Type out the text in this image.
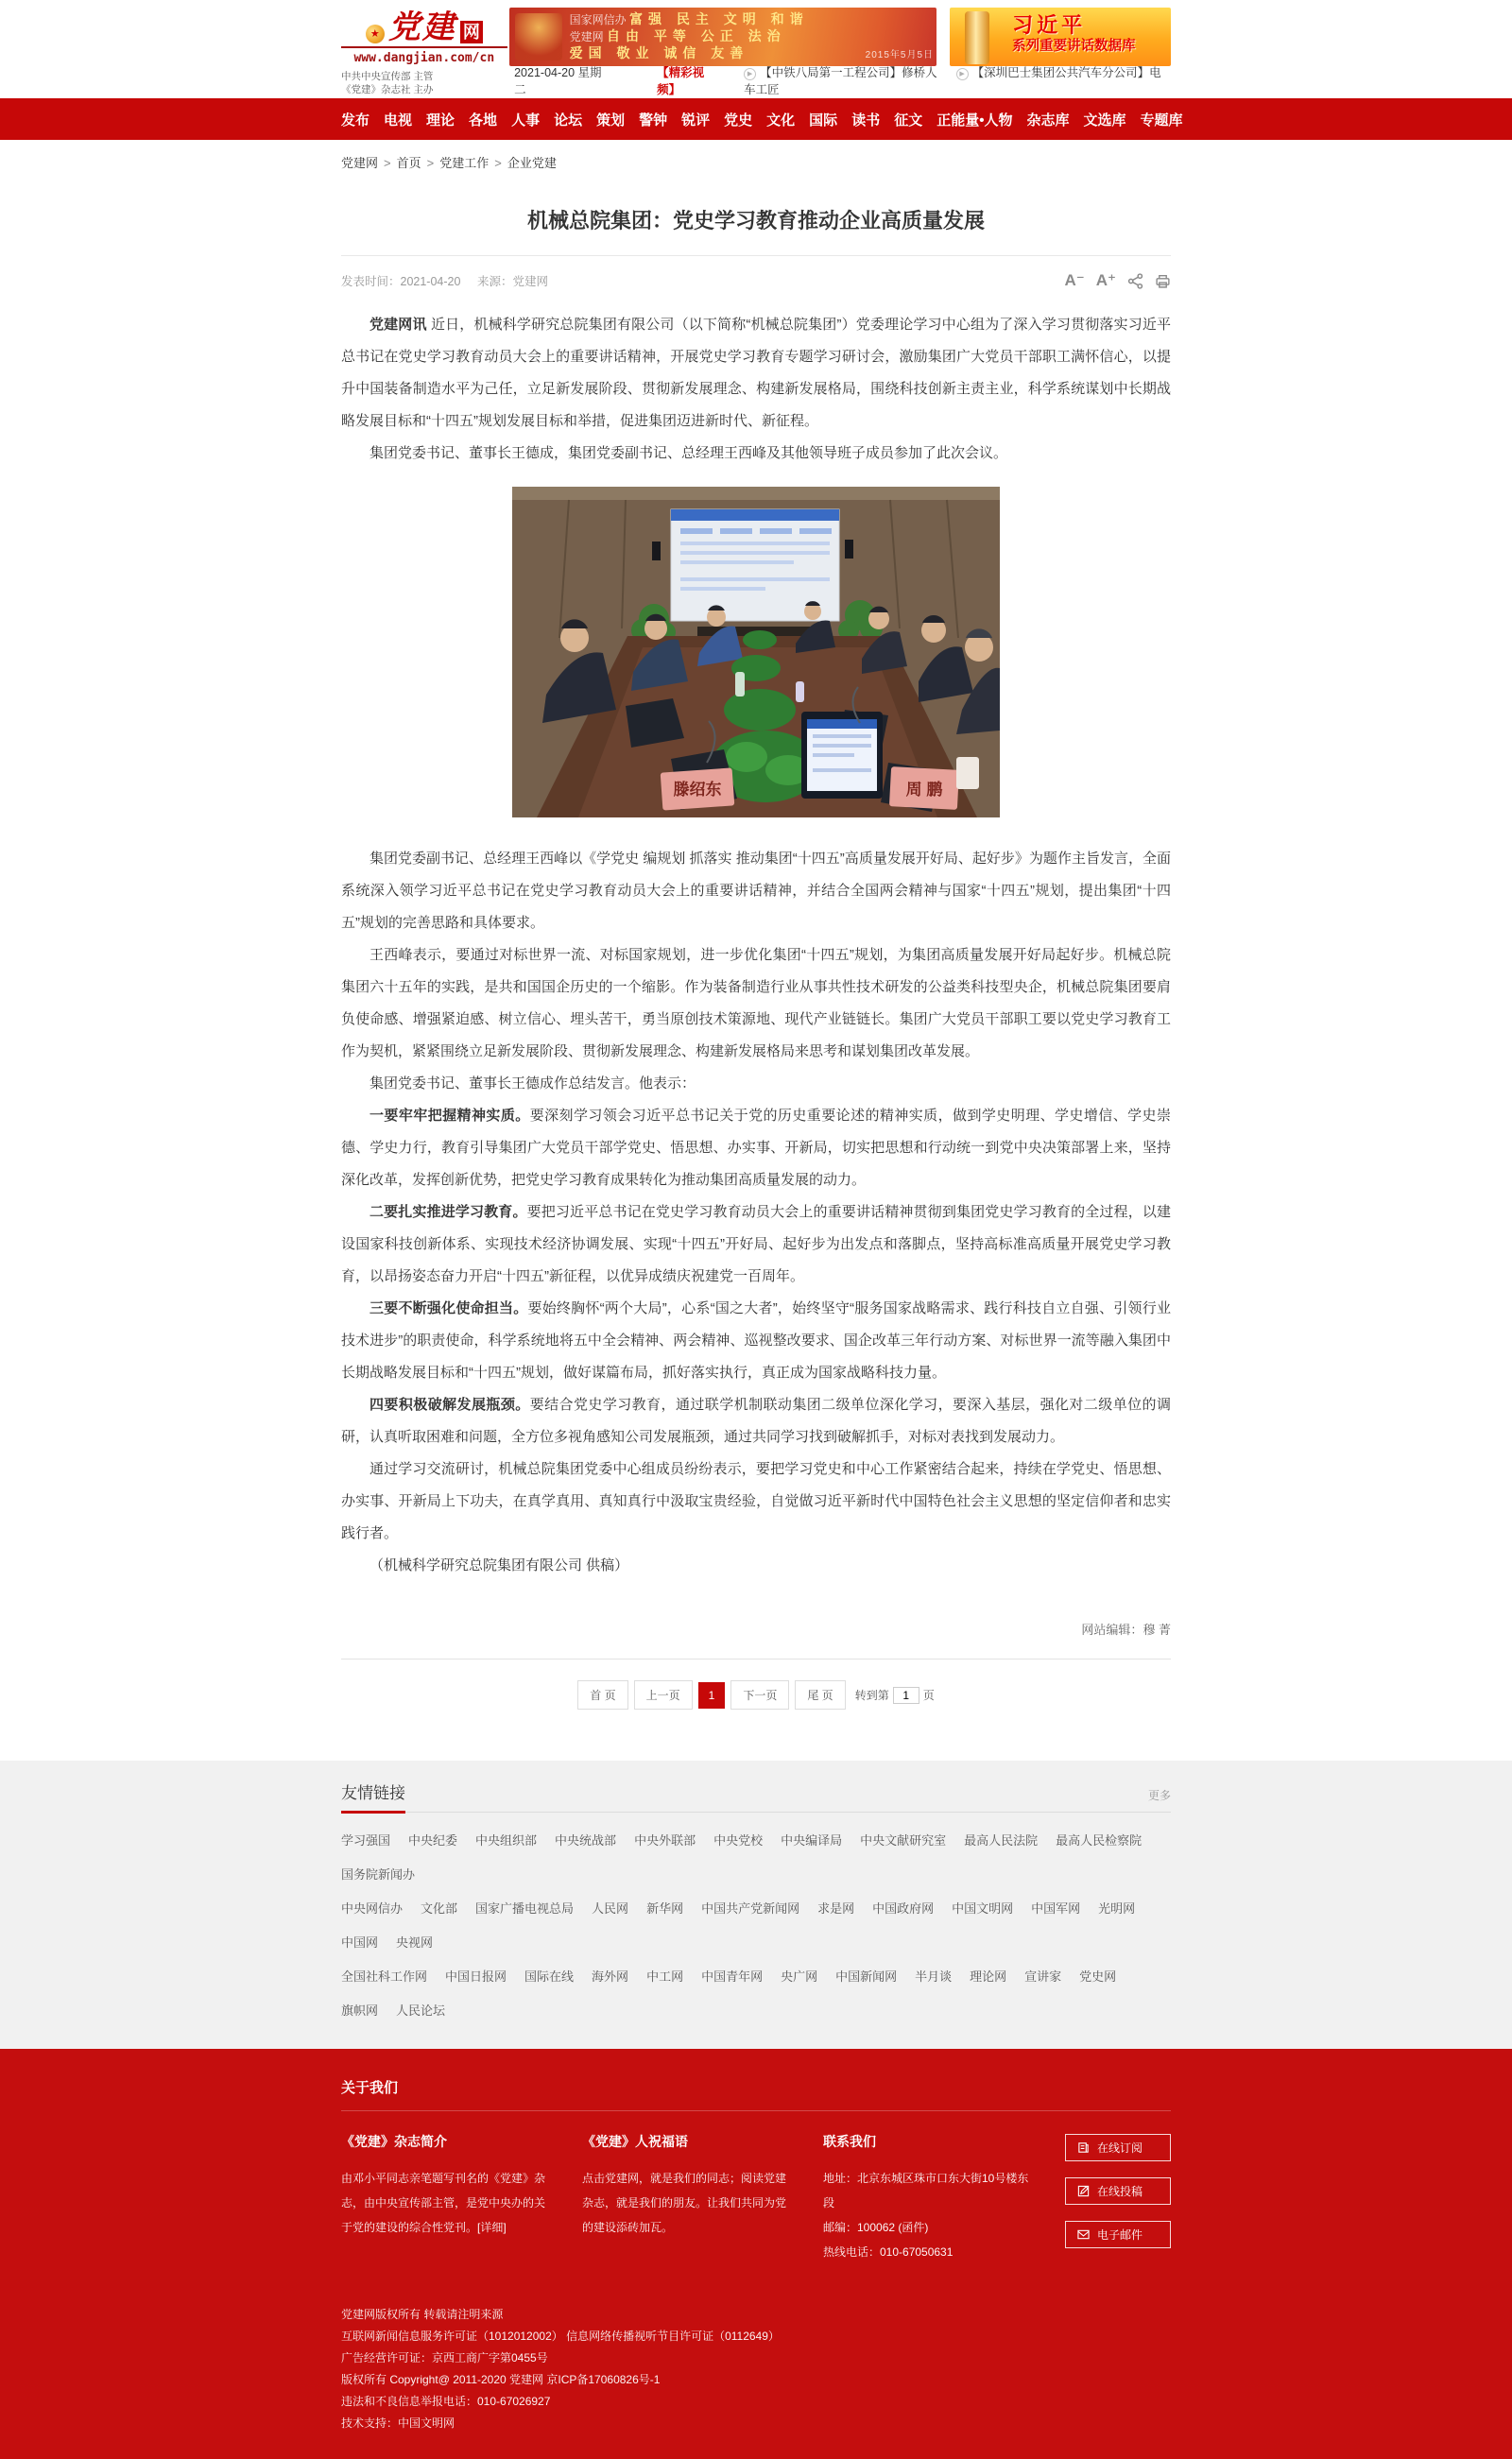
★ 党建 网
www.dangjian.com/cn
国家网信办 富强 民主 文明 和谐
党建网 自由 平等 公正 法治
爱国 敬业 诚信 友善	2015年5月5日
习近平
系列重要讲话数据库
中共中央宣传部 主管
《党建》杂志社 主办
2021-04-20 星期二
【精彩视频】
▶ 【中铁八局第一工程公司】修桥人	▶ 【深圳巴士集团公共汽车分公司】电车工匠
发布 电视 理论 各地 人事 论坛 策划 警钟 锐评 党史 文化 国际 读书 征文 正能量•人物 杂志库 文选库 专题库
党建网 > 首页 > 党建工作 > 企业党建
机械总院集团：党史学习教育推动企业高质量发展
发表时间：2021-04-20 来源：党建网	A⁻ A⁺

党建网讯 近日，机械科学研究总院集团有限公司（以下简称“机械总院集团”）党委理论学习中心组为了深入学习贯彻落实习近平总书记在党史学习教育动员大会上的重要讲话精神，开展党史学习教育专题学习研讨会，激励集团广大党员干部职工满怀信心，以提升中国装备制造水平为己任，立足新发展阶段、贯彻新发展理念、构建新发展格局，围绕科技创新主责主业，科学系统谋划中长期战略发展目标和“十四五”规划发展目标和举措，促进集团迈进新时代、新征程。

集团党委书记、董事长王德成，集团党委副书记、总经理王西峰及其他领导班子成员参加了此次会议。

滕绍东	周 鹏

集团党委副书记、总经理王西峰以《学党史 编规划 抓落实 推动集团“十四五”高质量发展开好局、起好步》为题作主旨发言，全面系统深入领学习近平总书记在党史学习教育动员大会上的重要讲话精神，并结合全国两会精神与国家“十四五”规划，提出集团“十四五”规划的完善思路和具体要求。

王西峰表示，要通过对标世界一流、对标国家规划，进一步优化集团“十四五”规划，为集团高质量发展开好局起好步。机械总院集团六十五年的实践，是共和国国企历史的一个缩影。作为装备制造行业从事共性技术研发的公益类科技型央企，机械总院集团要肩负使命感、增强紧迫感、树立信心、埋头苦干，勇当原创技术策源地、现代产业链链长。集团广大党员干部职工要以党史学习教育工作为契机，紧紧围绕立足新发展阶段、贯彻新发展理念、构建新发展格局来思考和谋划集团改革发展。

集团党委书记、董事长王德成作总结发言。他表示：

一要牢牢把握精神实质。要深刻学习领会习近平总书记关于党的历史重要论述的精神实质，做到学史明理、学史增信、学史崇德、学史力行，教育引导集团广大党员干部学党史、悟思想、办实事、开新局，切实把思想和行动统一到党中央决策部署上来，坚持深化改革，发挥创新优势，把党史学习教育成果转化为推动集团高质量发展的动力。

二要扎实推进学习教育。要把习近平总书记在党史学习教育动员大会上的重要讲话精神贯彻到集团党史学习教育的全过程，以建设国家科技创新体系、实现技术经济协调发展、实现“十四五”开好局、起好步为出发点和落脚点，坚持高标准高质量开展党史学习教育，以昂扬姿态奋力开启“十四五”新征程，以优异成绩庆祝建党一百周年。

三要不断强化使命担当。要始终胸怀“两个大局”，心系“国之大者”，始终坚守“服务国家战略需求、践行科技自立自强、引领行业技术进步”的职责使命，科学系统地将五中全会精神、两会精神、巡视整改要求、国企改革三年行动方案、对标世界一流等融入集团中长期战略发展目标和“十四五”规划，做好谋篇布局，抓好落实执行，真正成为国家战略科技力量。

四要积极破解发展瓶颈。要结合党史学习教育，通过联学机制联动集团二级单位深化学习，要深入基层，强化对二级单位的调研，认真听取困难和问题，全方位多视角感知公司发展瓶颈，通过共同学习找到破解抓手，对标对表找到发展动力。

通过学习交流研讨，机械总院集团党委中心组成员纷纷表示，要把学习党史和中心工作紧密结合起来，持续在学党史、悟思想、办实事、开新局上下功夫，在真学真用、真知真行中汲取宝贵经验，自觉做习近平新时代中国特色社会主义思想的坚定信仰者和忠实践行者。

（机械科学研究总院集团有限公司 供稿）

网站编辑：穆 菁
首 页	上一页	1	下一页	尾 页	转到第
1	页
友情链接	更多
学习强国 中央纪委 中央组织部 中央统战部 中央外联部 中央党校 中央编译局 中央文献研究室 最高人民法院 最高人民检察院国务院新闻办
中央网信办 文化部 国家广播电视总局 人民网 新华网 中国共产党新闻网 求是网 中国政府网 中国文明网 中国军网 光明网中国网 央视网
全国社科工作网 中国日报网 国际在线 海外网 中工网 中国青年网 央广网 中国新闻网 半月谈 理论网 宣讲家 党史网旗帜网 人民论坛
关于我们
《党建》杂志简介
由邓小平同志亲笔题写刊名的《党建》杂志，由中央宣传部主管，是党中央办的关于党的建设的综合性党刊。[详细]
《党建》人祝福语
点击党建网，就是我们的同志；阅读党建杂志，就是我们的朋友。让我们共同为党的建设添砖加瓦。
联系我们
地址：北京东城区珠市口东大街10号楼东段
邮编：100062 (函件)
热线电话：010-67050631
在线订阅
在线投稿
电子邮件
党建网版权所有 转载请注明来源
互联网新闻信息服务许可证（1012012002） 信息网络传播视听节目许可证（0112649）
广告经营许可证：京西工商广字第0455号
版权所有 Copyright@ 2011-2020 党建网 京ICP备17060826号-1
违法和不良信息举报电话：010-67026927
技术支持：中国文明网
